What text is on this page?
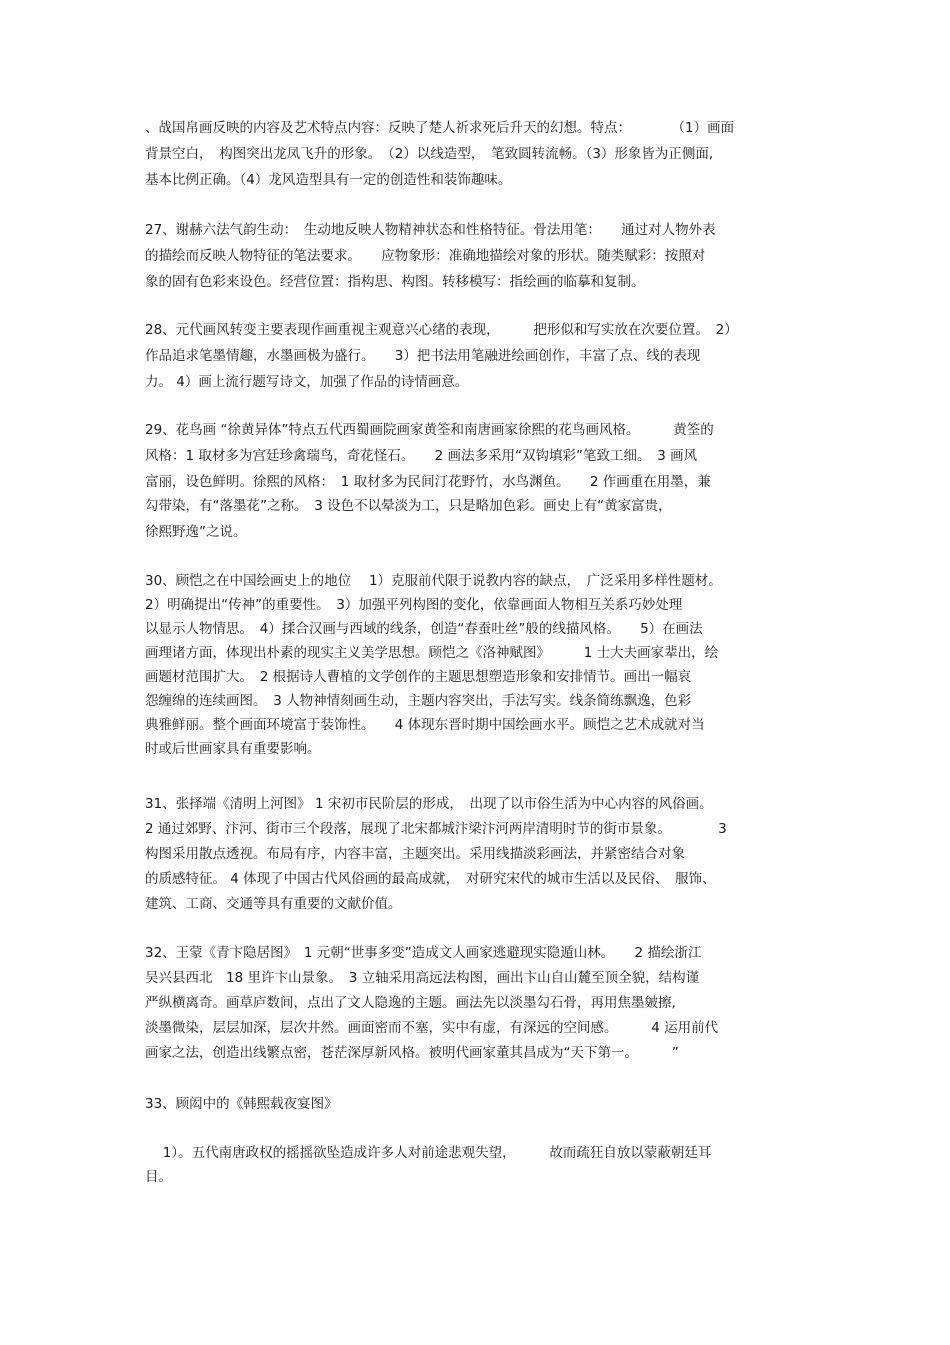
、战国帛画反映的内容及艺术特点内容：反映了楚人祈求死后升天的幻想。特点：　　　　（1）画面
背景空白，　构图突出龙凤飞升的形象。　（2）以线造型，　笔致圆转流畅。（3）形象皆为正侧面,
基本比例正确。（4）龙风造型具有一定的创造性和装饰趣味。
27、谢赫六法气韵生动：　生动地反映人物精神状态和性格特征。骨法用笔：　　通过对人物外表
的描绘而反映人物特征的笔法要求。　　应物象形：准确地描绘对象的形状。随类赋彩：按照对
象的固有色彩来设色。经营位置：指构思、构图。转移模写：指绘画的临摹和复制。
28、元代画风转变主要表现作画重视主观意兴心绪的表现，　　　把形似和写实放在次要位置。　2）
作品追求笔墨情趣，水墨画极为盛行。　　3）把书法用笔融进绘画创作，丰富了点、线的表现
力。 4）画上流行题写诗文，加强了作品的诗情画意。
29、花鸟画 “徐黄异体”特点五代西蜀画院画家黄筌和南唐画家徐熙的花鸟画风格。　　　黄筌的
风格：1 取材多为宫廷珍禽瑞鸟，奇花怪石。　　2 画法多采用“双钩填彩”笔致工细。　3 画风
富丽，设色鲜明。徐熙的风格：　1 取材多为民间汀花野竹，水鸟渊鱼。　　2 作画重在用墨，兼
勾带染，有“落墨花”之称。　3 设色不以晕淡为工，只是略加色彩。画史上有“黄家富贵，
徐熙野逸”之说。
30、顾恺之在中国绘画史上的地位　 1）克服前代限于说教内容的缺点，　广泛采用多样性题材。
2）明确提出“传神”的重要性。　3）加强平列构图的变化，依靠画面人物相互关系巧妙处理
以显示人物情思。　4）揉合汉画与西域的线条，创造“春蚕吐丝”般的线描风格。　　5）在画法
画理诸方面，体现出朴素的现实主义美学思想。顾恺之《洛神赋图》　　　1 士大夫画家辈出，绘
画题材范围扩大。　2 根据诗人曹植的文学创作的主题思想塑造形象和安排情节。画出一幅哀
怨缠绵的连续画图。　3 人物神情刻画生动，主题内容突出，手法写实。线条简练飘逸，色彩
典雅鲜丽。整个画面环境富于装饰性。　　4 体现东晋时期中国绘画水平。顾恺之艺术成就对当
时或后世画家具有重要影响。
31、张择端《清明上河图》 1 宋初市民阶层的形成，　出现了以市俗生活为中心内容的风俗画。
2 通过郊野、汴河、街市三个段落，展现了北宋都城汴梁汴河两岸清明时节的街市景象。　　　　3
构图采用散点透视。布局有序，内容丰富，主题突出。采用线描淡彩画法，并紧密结合对象
的质感特征。 4 体现了中国古代风俗画的最高成就，　对研究宋代的城市生活以及民俗、　服饰、
建筑、工商、交通等具有重要的文献价值。
32、王蒙《青卞隐居图》　1 元朝“世事多变”造成文人画家逃避现实隐遁山林。　　2 描绘浙江
吴兴县西北　18 里许卞山景象。　3 立轴采用高远法构图，画出卞山自山麓至顶全貌，结构谨
严纵横离奇。画草庐数间，点出了文人隐逸的主题。画法先以淡墨勾石骨，再用焦墨皴擦,
淡墨微染，层层加深，层次井然。画面密而不塞，实中有虚，有深远的空间感。　　　4 运用前代
画家之法，创造出线繁点密，苍茫深厚新风格。被明代画家董其昌成为“天下第一。　　　”
33、顾闳中的《韩熙载夜宴图》
　 1）。五代南唐政权的摇摇欲坠造成许多人对前途悲观失望，　　　故而疏狂自放以蒙蔽朝廷耳
目。
